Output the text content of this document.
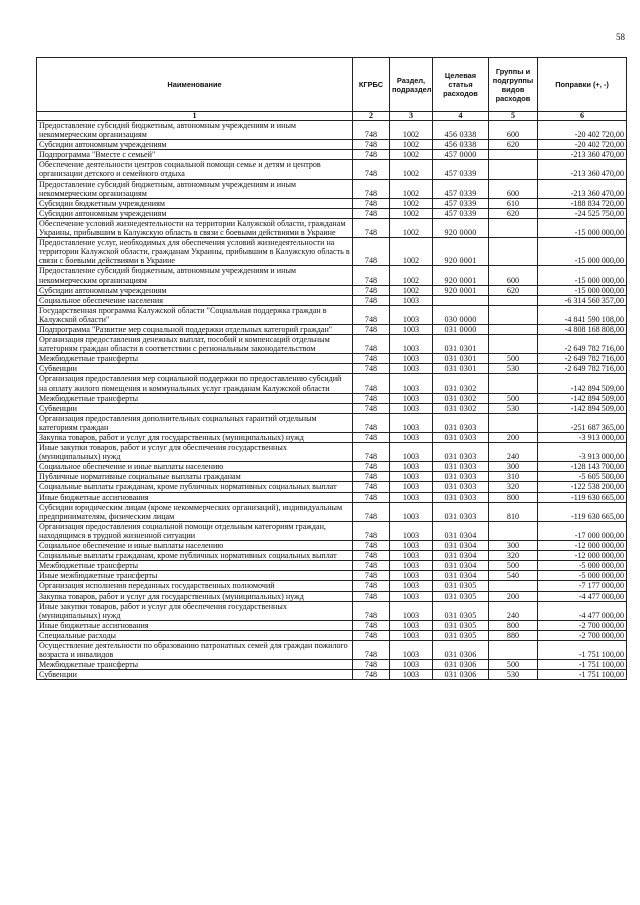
58
Наименование	КГРБС	Раздел, подраздел	Целевая статья расходов	Группы и подгруппы видов расходов	Поправки (+, -)
1	2	3	4	5	6
Предоставление субсидий бюджетным, автономным учреждениям и иным некоммерческим организациям	748	1002	456 0338	600	-20 402 720,00
Субсидии автономным учреждениям	748	1002	456 0338	620	-20 402 720,00
Подпрограмма "Вместе с семьей"	748	1002	457 0000		-213 360 470,00
Обеспечение деятельности центров социальной помощи семье и детям и центров организации детского и семейного отдыха	748	1002	457 0339		-213 360 470,00
Предоставление субсидий бюджетным, автономным учреждениям и иным некоммерческим организациям	748	1002	457 0339	600	-213 360 470,00
Субсидии бюджетным учреждениям	748	1002	457 0339	610	-188 834 720,00
Субсидии автономным учреждениям	748	1002	457 0339	620	-24 525 750,00
Обеспечение условий жизнедеятельности на территории Калужской области, гражданам Украины, прибывшим в Калужскую область в связи с боевыми действиями в Украине	748	1002	920 0000		-15 000 000,00
Предоставление услуг, необходимых для обеспечения условий жизнедеятельности на территории Калужской области, гражданам Украины, прибывшим в Калужскую область в связи с боевыми действиями в Украине	748	1002	920 0001		-15 000 000,00
Предоставление субсидий бюджетным, автономным учреждениям и иным некоммерческим организациям	748	1002	920 0001	600	-15 000 000,00
Субсидии автономным учреждениям	748	1002	920 0001	620	-15 000 000,00
Социальное обеспечение населения	748	1003			-6 314 560 357,00
Государственная программа Калужской области "Социальная поддержка граждан в Калужской области"	748	1003	030 0000		-4 841 590 108,00
Подпрограмма "Развитие мер социальной поддержки отдельных категорий граждан"	748	1003	031 0000		-4 808 168 808,00
Организация предоставления денежных выплат, пособий и компенсаций отдельным категориям граждан области в соответствии с региональным законодательством	748	1003	031 0301		-2 649 782 716,00
Межбюджетные трансферты	748	1003	031 0301	500	-2 649 782 716,00
Субвенции	748	1003	031 0301	530	-2 649 782 716,00
Организация предоставления мер социальной поддержки по предоставлению субсидий на оплату жилого помещения и коммунальных услуг гражданам Калужской области	748	1003	031 0302		-142 894 509,00
Межбюджетные трансферты	748	1003	031 0302	500	-142 894 509,00
Субвенции	748	1003	031 0302	530	-142 894 509,00
Организация предоставления дополнительных социальных гарантий отдельным категориям граждан	748	1003	031 0303		-251 687 365,00
Закупка товаров, работ и услуг для государственных (муниципальных) нужд	748	1003	031 0303	200	-3 913 000,00
Иные закупки товаров, работ и услуг для обеспечения государственных (муниципальных) нужд	748	1003	031 0303	240	-3 913 000,00
Социальное обеспечение и иные выплаты населению	748	1003	031 0303	300	-128 143 700,00
Публичные нормативные социальные выплаты гражданам	748	1003	031 0303	310	-5 605 500,00
Социальные выплаты гражданам, кроме публичных нормативных социальных выплат	748	1003	031 0303	320	-122 538 200,00
Иные бюджетные ассигнования	748	1003	031 0303	800	-119 630 665,00
Субсидии юридическим лицам (кроме некоммерческих организаций), индивидуальным предпринимателям, физическим лицам	748	1003	031 0303	810	-119 630 665,00
Организация предоставления социальной помощи отдельным категориям граждан, находящимся в трудной жизненной ситуации	748	1003	031 0304		-17 000 000,00
Социальное обеспечение и иные выплаты населению	748	1003	031 0304	300	-12 000 000,00
Социальные выплаты гражданам, кроме публичных нормативных социальных выплат	748	1003	031 0304	320	-12 000 000,00
Межбюджетные трансферты	748	1003	031 0304	500	-5 000 000,00
Иные межбюджетные трансферты	748	1003	031 0304	540	-5 000 000,00
Организация исполнения переданных государственных полномочий	748	1003	031 0305		-7 177 000,00
Закупка товаров, работ и услуг для государственных (муниципальных) нужд	748	1003	031 0305	200	-4 477 000,00
Иные закупки товаров, работ и услуг для обеспечения государственных (муниципальных) нужд	748	1003	031 0305	240	-4 477 000,00
Иные бюджетные ассигнования	748	1003	031 0305	800	-2 700 000,00
Специальные расходы	748	1003	031 0305	880	-2 700 000,00
Осуществление деятельности по образованию патронатных семей для граждан пожилого возраста и инвалидов	748	1003	031 0306		-1 751 100,00
Межбюджетные трансферты	748	1003	031 0306	500	-1 751 100,00
Субвенции	748	1003	031 0306	530	-1 751 100,00
